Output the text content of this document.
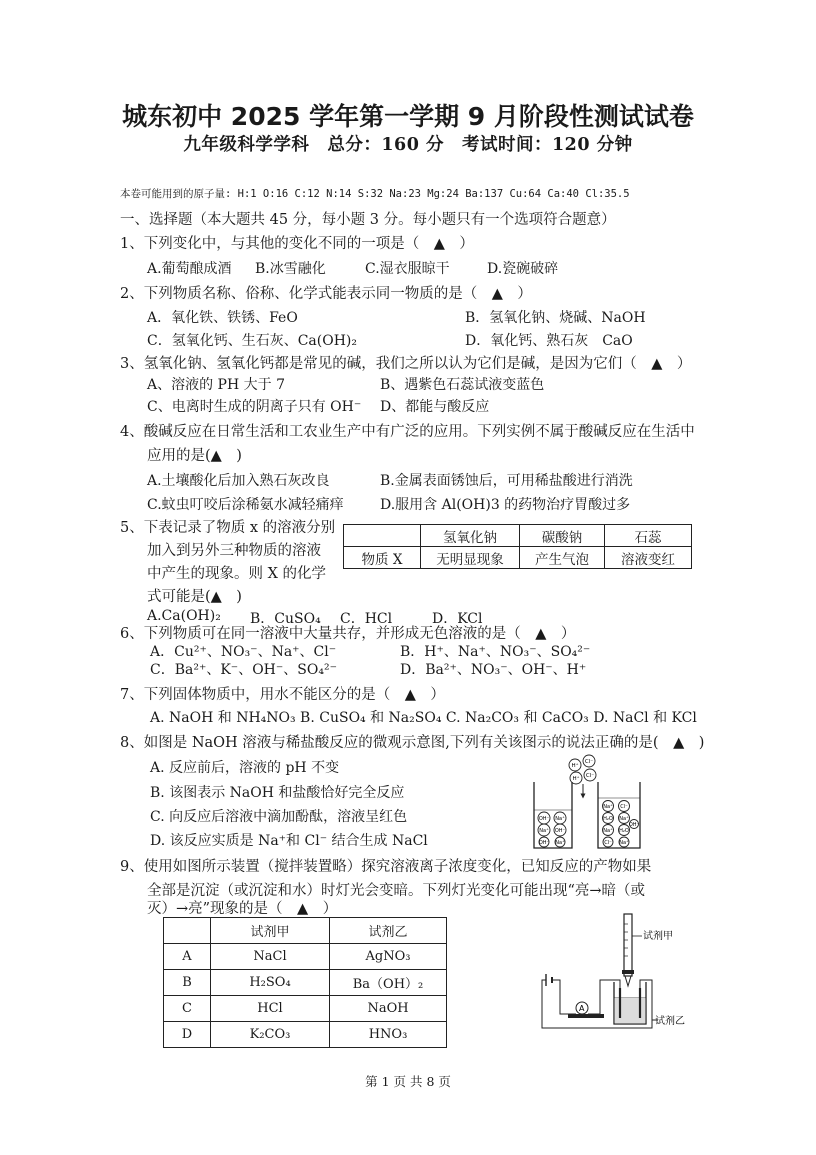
城东初中 2025 学年第一学期 9 月阶段性测试试卷
九年级科学学科　总分：160 分　考试时间：120 分钟
本卷可能用到的原子量: H:1 O:16 C:12 N:14 S:32 Na:23 Mg:24 Ba:137 Cu:64 Ca:40 Cl:35.5
一、选择题（本大题共 45 分，每小题 3 分。每小题只有一个选项符合题意）
1、下列变化中，与其他的变化不同的一项是（　▲　）
A.葡萄酿成酒 B.冰雪融化	C.湿衣服晾干	D.瓷碗破碎
2、下列物质名称、俗称、化学式能表示同一物质的是（　▲　）
A．氧化铁、铁锈、FeO	B．氢氧化钠、烧碱、NaOH
C．氢氧化钙、生石灰、Ca(OH)₂	D．氧化钙、熟石灰　CaO
3、氢氧化钠、氢氧化钙都是常见的碱，我们之所以认为它们是碱，是因为它们（　▲　）
A、溶液的 PH 大于 7	B、遇紫色石蕊试液变蓝色
C、电离时生成的阴离子只有 OH⁻ D、都能与酸反应
4、酸碱反应在日常生活和工农业生产中有广泛的应用。下列实例不属于酸碱反应在生活中
应用的是(▲　)
A.土壤酸化后加入熟石灰改良	B.金属表面锈蚀后，可用稀盐酸进行消洗
C.蚊虫叮咬后涂稀氨水减轻痛痒	D.服用含 Al(OH)3 的药物治疗胃酸过多
5、下表记录了物质 x 的溶液分别
加入到另外三种物质的溶液
中产生的现象。则 X 的化学
式可能是(▲　)
	氢氧化钠	碳酸钠	石蕊
物质 X	无明显现象	产生气泡	溶液变红
A.Ca(OH)₂ B．CuSO₄ C．HCl	D．KCl
6、下列物质可在同一溶液中大量共存，并形成无色溶液的是（　▲　）
A．Cu²⁺、NO₃⁻、Na⁺、Cl⁻	B．H⁺、Na⁺、NO₃⁻、SO₄²⁻
C．Ba²⁺、K⁻、OH⁻、SO₄²⁻	D．Ba²⁺、NO₃⁻、OH⁻、H⁺
7、下列固体物质中，用水不能区分的是（　▲　）
A. NaOH 和 NH₄NO₃ B. CuSO₄ 和 Na₂SO₄ C. Na₂CO₃ 和 CaCO₃ D. NaCl 和 KCl
8、如图是 NaOH 溶液与稀盐酸反应的微观示意图,下列有关该图示的说法正确的是(　▲　)
A. 反应前后，溶液的 pH 不变
B. 该图表示 NaOH 和盐酸恰好完全反应
C. 向反应后溶液中滴加酚酞，溶液呈红色
D. 该反应实质是 Na⁺和 Cl⁻ 结合生成 NaCl
H⁺
Cl⁻
H⁺ Cl⁻
OH⁻ Na⁺
Na⁺ OH⁻
OH⁻ Na⁺
Na⁺ Cl⁻
H₂O Na⁺
Na⁺ H₂O
Cl⁻ Na⁺
OH⁻
9、使用如图所示装置（搅拌装置略）探究溶液离子浓度变化，已知反应的产物如果
全部是沉淀（或沉淀和水）时灯光会变暗。下列灯光变化可能出现“亮→暗（或
灭）→亮”现象的是（　▲　）
	试剂甲	试剂乙
A	NaCl	AgNO₃
B	H₂SO₄	Ba（OH）₂
C	HCl	NaOH
D	K₂CO₃	HNO₃
试剂甲
试剂乙
A
第 1 页 共 8 页
